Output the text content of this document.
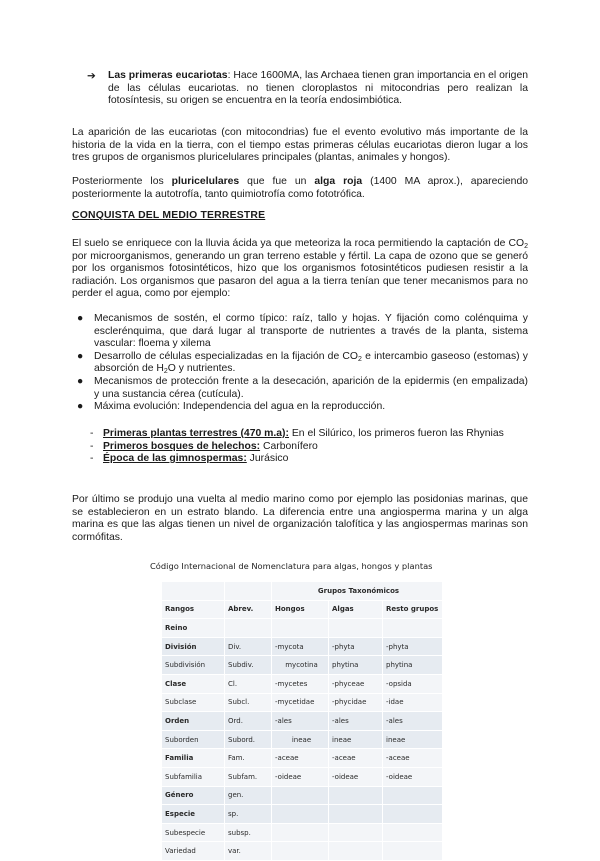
➔ Las primeras eucariotas: Hace 1600MA, las Archaea tienen gran importancia en el origen de las células eucariotas. no tienen cloroplastos ni mitocondrias pero realizan la fotosíntesis, su origen se encuentra en la teoría endosimbiótica.

La aparición de las eucariotas (con mitocondrias) fue el evento evolutivo más importante de la historia de la vida en la tierra, con el tiempo estas primeras células eucariotas dieron lugar a los tres grupos de organismos pluricelulares principales (plantas, animales y hongos).

Posteriormente los pluricelulares que fue un alga roja (1400 MA aprox.), apareciendo posteriormente la autotrofía, tanto quimiotrofía como fototrófica.

CONQUISTA DEL MEDIO TERRESTRE

El suelo se enriquece con la lluvia ácida ya que meteoriza la roca permitiendo la captación de $CO_2$ por microorganismos, generando un gran terreno estable y fértil. La capa de ozono que se generó por los organismos fotosintéticos, hizo que los organismos fotosintéticos pudiesen resistir a la radiación. Los organismos que pasaron del agua a la tierra tenían que tener mecanismos para no perder el agua, como por ejemplo:

● Mecanismos de sostén, el cormo típico: raíz, tallo y hojas. Y fijación como colénquima y esclerénquima, que dará lugar al transporte de nutrientes a través de la planta, sistema vascular: floema y xilema
● Desarrollo de células especializadas en la fijación de $CO_2$ e intercambio gaseoso (estomas) y absorción de $H_2O$ y nutrientes.
● Mecanismos de protección frente a la desecación, aparición de la epidermis (en empalizada) y una sustancia cérea (cutícula).
● Máxima evolución: Independencia del agua en la reproducción.
- Primeras plantas terrestres (470 m.a): En el Silúrico, los primeros fueron las Rhynias
- Primeros bosques de helechos: Carbonífero
- Época de las gimnospermas: Jurásico

Por último se produjo una vuelta al medio marino como por ejemplo las posidonias marinas, que se establecieron en un estrato blando. La diferencia entre una angiosperma marina y un alga marina es que las algas tienen un nivel de organización talofítica y las angiospermas marinas son cormófitas.

Código Internacional de Nomenclatura para algas, hongos y plantas
		Grupos Taxonómicos		
Rangos	Abrev.	Hongos	Algas	Resto grupos
Reino				
División	Div.	-mycota	-phyta	-phyta
Subdivisión	Subdiv.	mycotina	phytina	phytina
Clase	Cl.	-mycetes	-phyceae	-opsida
Subclase	Subcl.	-mycetidae	-phycidae	-idae
Orden	Ord.	-ales	-ales	-ales
Suborden	Subord.	ineae	ineae	ineae
Familia	Fam.	-aceae	-aceae	-aceae
Subfamilia	Subfam.	-oideae	-oideae	-oideae
Género	gen.			
Especie	sp.			
Subespecie	subsp.			
Variedad	var.			
